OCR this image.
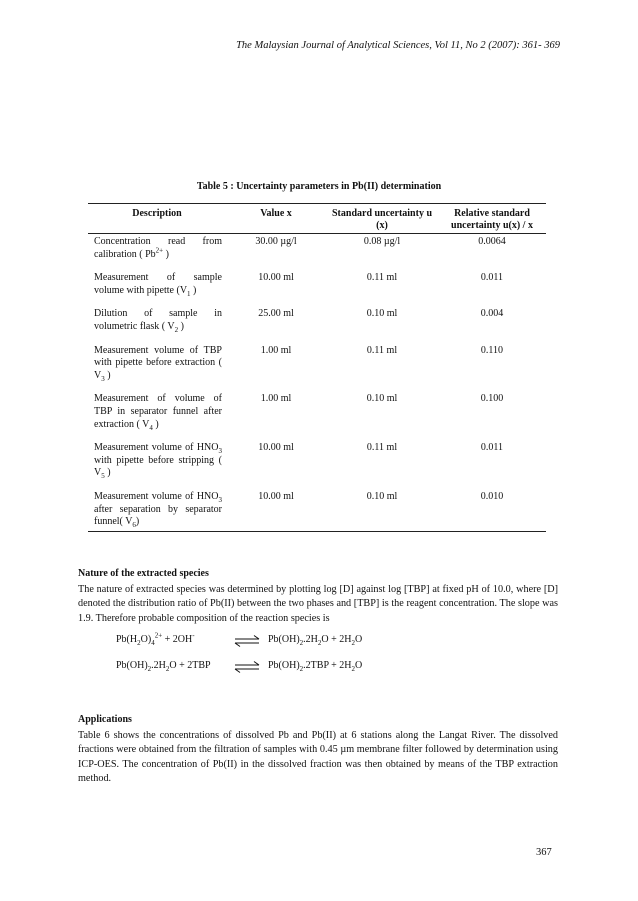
The Malaysian Journal of Analytical Sciences, Vol 11, No 2 (2007): 361- 369
Table 5 : Uncertainty parameters in Pb(II) determination
Description	Value x	Standard uncertainty u (x)	Relative standard uncertainty u(x) / x
Concentration read from calibration ( $Pb^{2+}$ )	30.00 µg/l	0.08 µg/l	0.0064
Measurement of sample volume with pipette ($V_1$ )	10.00 ml	0.11 ml	0.011
Dilution of sample in volumetric flask ( $V_2$ )	25.00 ml	0.10 ml	0.004
Measurement volume of TBP with pipette before extraction ( $V_3$ )	1.00 ml	0.11 ml	0.110
Measurement of volume of TBP in separator funnel after extraction ( $V_4$ )	1.00 ml	0.10 ml	0.100
Measurement volume of $HNO_3$ with pipette before stripping ( $V_5$ )	10.00 ml	0.11 ml	0.011
Measurement volume of $HNO_3$ after separation by separator funnel( $V_6$)	10.00 ml	0.10 ml	0.010
Nature of the extracted species
The nature of extracted species was determined by plotting log [D] against log [TBP] at fixed pH of 10.0, where [D] denoted the distribution ratio of Pb(II) between the two phases and [TBP] is the reagent concentration. The slope was 1.9. Therefore probable composition of the reaction species is
$Pb(H_2O)_4^{2+} + 2OH^-$	⇌ $Pb(OH)_2.2H_2O + 2H_2O$
$Pb(OH)_2.2H_2O + 2TBP$ ⇌ $Pb(OH)_2.2TBP + 2H_2O$
Applications
Table 6 shows the concentrations of dissolved Pb and Pb(II) at 6 stations along the Langat River. The dissolved fractions were obtained from the filtration of samples with 0.45 µm membrane filter followed by determination using ICP-OES. The concentration of Pb(II) in the dissolved fraction was then obtained by means of the TBP extraction method.
367
